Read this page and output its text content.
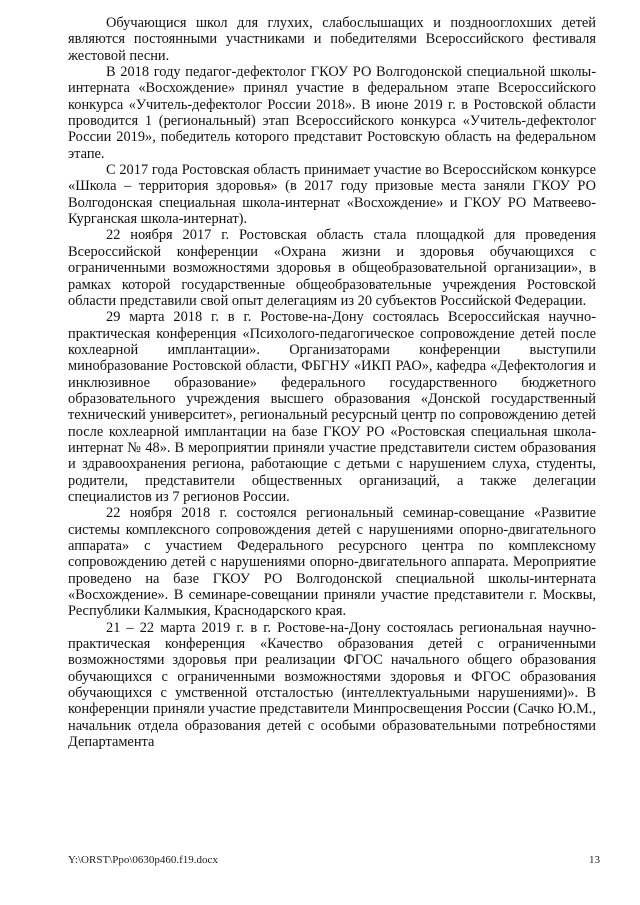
Обучающися школ для глухих, слабослышащих и позднооглохших детей являются постоянными участниками и победителями Всероссийского фестиваля жестовой песни.

В 2018 году педагог-дефектолог ГКОУ РО Волгодонской специальной школы-интерната «Восхождение» принял участие в федеральном этапе Всероссийского конкурса «Учитель-дефектолог России 2018». В июне 2019 г. в Ростовской области проводится 1 (региональный) этап Всероссийского конкурса «Учитель-дефектолог России 2019», победитель которого представит Ростовскую область на федеральном этапе.

С 2017 года Ростовская область принимает участие во Всероссийском конкурсе «Школа – территория здоровья» (в 2017 году призовые места заняли ГКОУ РО Волгодонская специальная школа-интернат «Восхождение» и ГКОУ РО Матвеево-Курганская школа-интернат).

22 ноября 2017 г. Ростовская область стала площадкой для проведения Всероссийской конференции «Охрана жизни и здоровья обучающихся с ограниченными возможностями здоровья в общеобразовательной организации», в рамках которой государственные общеобразовательные учреждения Ростовской области представили свой опыт делегациям из 20 субъектов Российской Федерации.

29 марта 2018 г. в г. Ростове-на-Дону состоялась Всероссийская научно-практическая конференция «Психолого-педагогическое сопровождение детей после кохлеарной имплантации». Организаторами конференции выступили минобразование Ростовской области, ФБГНУ «ИКП РАО», кафедра «Дефектология и инклюзивное образование» федерального государственного бюджетного образовательного учреждения высшего образования «Донской государственный технический университет», региональный ресурсный центр по сопровождению детей после кохлеарной имплантации на базе ГКОУ РО «Ростовская специальная школа-интернат № 48». В мероприятии приняли участие представители систем образования и здравоохранения региона, работающие с детьми с нарушением слуха, студенты, родители, представители общественных организаций, а также делегации специалистов из 7 регионов России.

22 ноября 2018 г. состоялся региональный семинар-совещание «Развитие системы комплексного сопровождения детей с нарушениями опорно-двигательного аппарата» с участием Федерального ресурсного центра по комплексному сопровождению детей с нарушениями опорно-двигательного аппарата. Мероприятие проведено на базе ГКОУ РО Волгодонской специальной школы-интерната «Восхождение». В семинаре-совещании приняли участие представители г. Москвы, Республики Калмыкия, Краснодарского края.

21 – 22 марта 2019 г. в г. Ростове-на-Дону состоялась региональная научно-практическая конференция «Качество образования детей с ограниченными возможностями здоровья при реализации ФГОС начального общего образования обучающихся с ограниченными возможностями здоровья и ФГОС образования обучающихся с умственной отсталостью (интеллектуальными нарушениями)». В конференции приняли участие представители Минпросвещения России (Сачко Ю.М., начальник отдела образования детей с особыми образовательными потребностями Департамента

Y:\ORST\Ppo\0630p460.f19.docx	13
